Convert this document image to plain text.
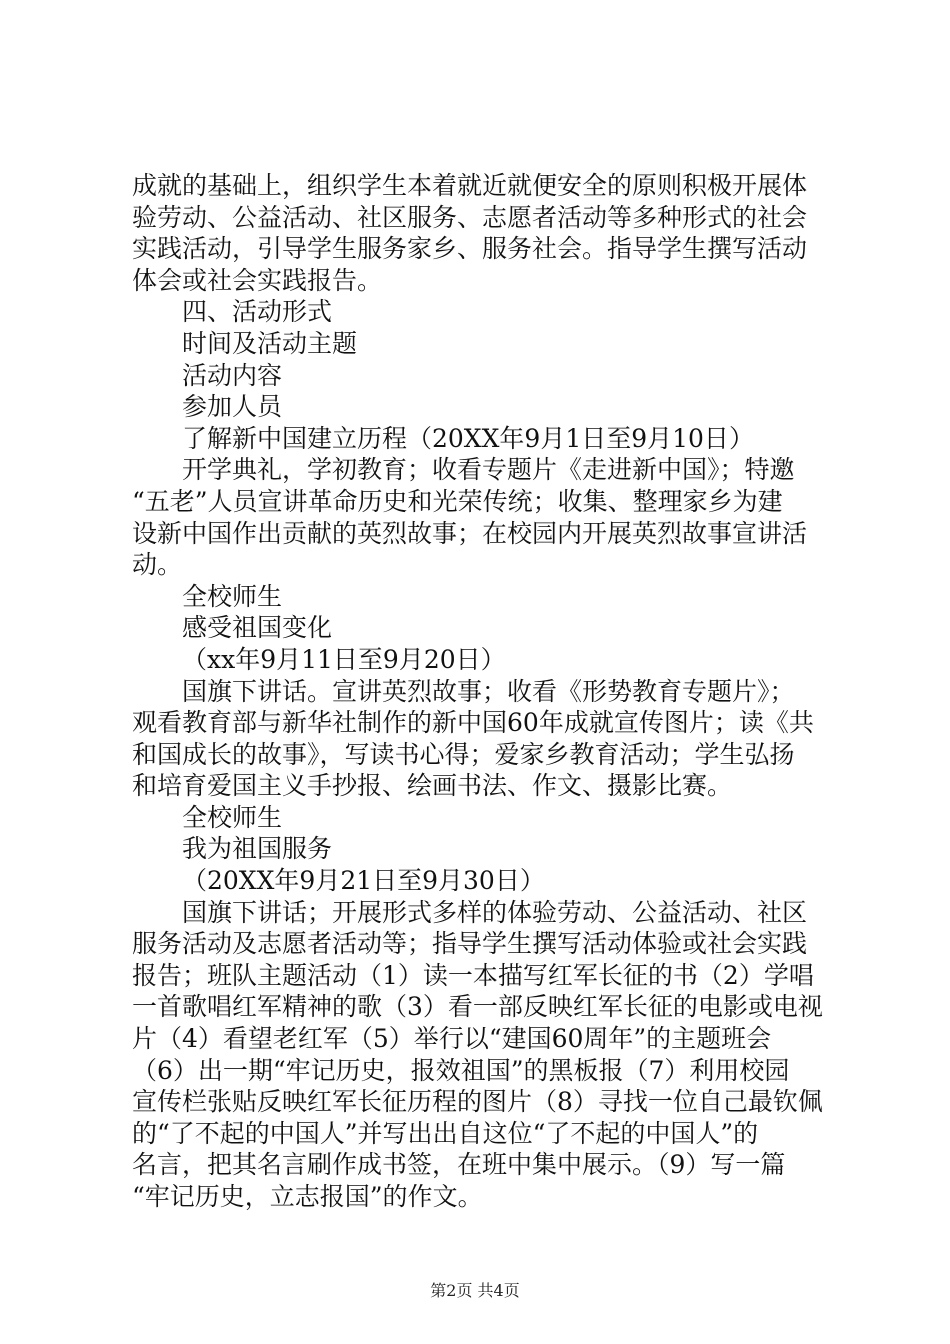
成就的基础上，组织学生本着就近就便安全的原则积极开展体
验劳动、公益活动、社区服务、志愿者活动等多种形式的社会
实践活动，引导学生服务家乡、服务社会。指导学生撰写活动
体会或社会实践报告。
四、活动形式
时间及活动主题
活动内容
参加人员
了解新中国建立历程（20XX年9月1日至9月10日）
开学典礼，学初教育；收看专题片《走进新中国》；特邀
“五老”人员宣讲革命历史和光荣传统；收集、整理家乡为建
设新中国作出贡献的英烈故事；在校园内开展英烈故事宣讲活
动。
全校师生
感受祖国变化
（xx年9月11日至9月20日）
国旗下讲话。宣讲英烈故事；收看《形势教育专题片》；
观看教育部与新华社制作的新中国60年成就宣传图片；读《共
和国成长的故事》，写读书心得；爱家乡教育活动；学生弘扬
和培育爱国主义手抄报、绘画书法、作文、摄影比赛。
全校师生
我为祖国服务
（20XX年9月21日至9月30日）
国旗下讲话；开展形式多样的体验劳动、公益活动、社区
服务活动及志愿者活动等；指导学生撰写活动体验或社会实践
报告；班队主题活动（1）读一本描写红军长征的书（2）学唱
一首歌唱红军精神的歌（3）看一部反映红军长征的电影或电视
片（4）看望老红军（5）举行以“建国60周年”的主题班会
（6）出一期“牢记历史，报效祖国”的黑板报（7）利用校园
宣传栏张贴反映红军长征历程的图片（8）寻找一位自己最钦佩
的“了不起的中国人”并写出出自这位“了不起的中国人”的
名言，把其名言刷作成书签，在班中集中展示。（9）写一篇
“牢记历史，立志报国”的作文。
第2页 共4页
